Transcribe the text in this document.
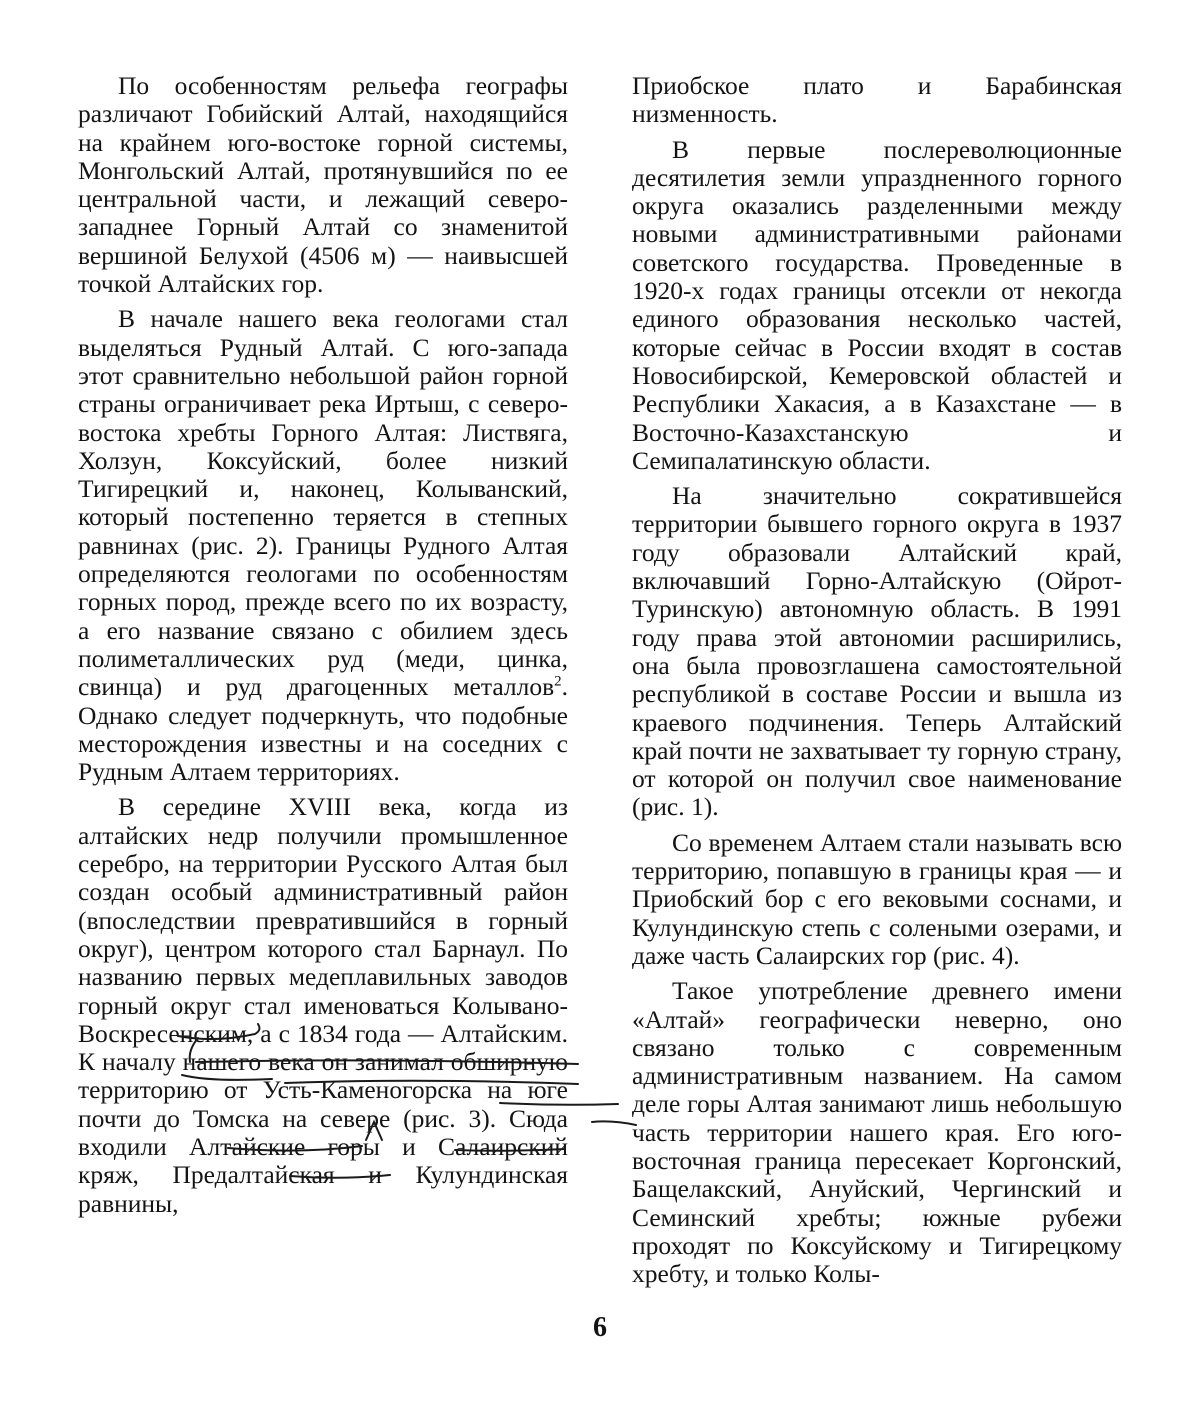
По особенностям рельефа географы различают Гобийский Алтай, находящийся на крайнем юго-востоке горной системы, Монгольский Алтай, протянувшийся по ее центральной части, и лежащий северо-западнее Горный Алтай со знаменитой вершиной Белухой (4506 м) — наивысшей точкой Алтайских гор.

В начале нашего века геологами стал выделяться Рудный Алтай. С юго-запада этот сравнительно небольшой район горной страны ограничивает река Иртыш, с северо-востока хребты Горного Алтая: Листвяга, Холзун, Коксуйский, более низкий Тигирецкий и, наконец, Колыванский, который постепенно теряется в степных равнинах (рис. 2). Границы Рудного Алтая определяются геологами по особенностям горных пород, прежде всего по их возрасту, а его название связано с обилием здесь полиметаллических руд (меди, цинка, свинца) и руд драгоценных металлов$^2$. Однако следует подчеркнуть, что подобные месторождения известны и на соседних с Рудным Алтаем территориях.

В середине XVIII века, когда из алтайских недр получили промышленное серебро, на территории Русского Алтая был создан особый административный район (впоследствии превратившийся в горный округ), центром которого стал Барнаул. По названию первых медеплавильных заводов горный округ стал именоваться Колывано-Воскресенским, а с 1834 года — Алтайским. К началу нашего века он занимал обширную территорию от Усть-Каменогорска на юге почти до Томска на севере (рис. 3). Сюда входили Алтайские горы и Салаирский кряж, Предалтайская и Кулундинская равнины,

Приобское плато и Барабинская низменность.

В первые послереволюционные десятилетия земли упраздненного горного округа оказались разделенными между новыми административными районами советского государства. Проведенные в 1920-х годах границы отсекли от некогда единого образования несколько частей, которые сейчас в России входят в состав Новосибирской, Кемеровской областей и Республики Хакасия, а в Казахстане — в Восточно-Казахстанскую и Семипалатинскую области.

На значительно сократившейся территории бывшего горного округа в 1937 году образовали Алтайский край, включавший Горно-Алтайскую (Ойрот-Туринскую) автономную область. В 1991 году права этой автономии расширились, она была провозглашена самостоятельной республикой в составе России и вышла из краевого подчинения. Теперь Алтайский край почти не захватывает ту горную страну, от которой он получил свое наименование (рис. 1).

Со временем Алтаем стали называть всю территорию, попавшую в границы края — и Приобский бор с его вековыми соснами, и Кулундинскую степь с солеными озерами, и даже часть Салаирских гор (рис. 4).

Такое употребление древнего имени «Алтай» географически неверно, оно связано только с современным административным названием. На самом деле горы Алтая занимают лишь небольшую часть территории нашего края. Его юго-восточная граница пересекает Коргонский, Бащелакский, Ануйский, Чергинский и Семинский хребты; южные рубежи проходят по Коксуйскому и Тигирецкому хребту, и только Колы-

6
